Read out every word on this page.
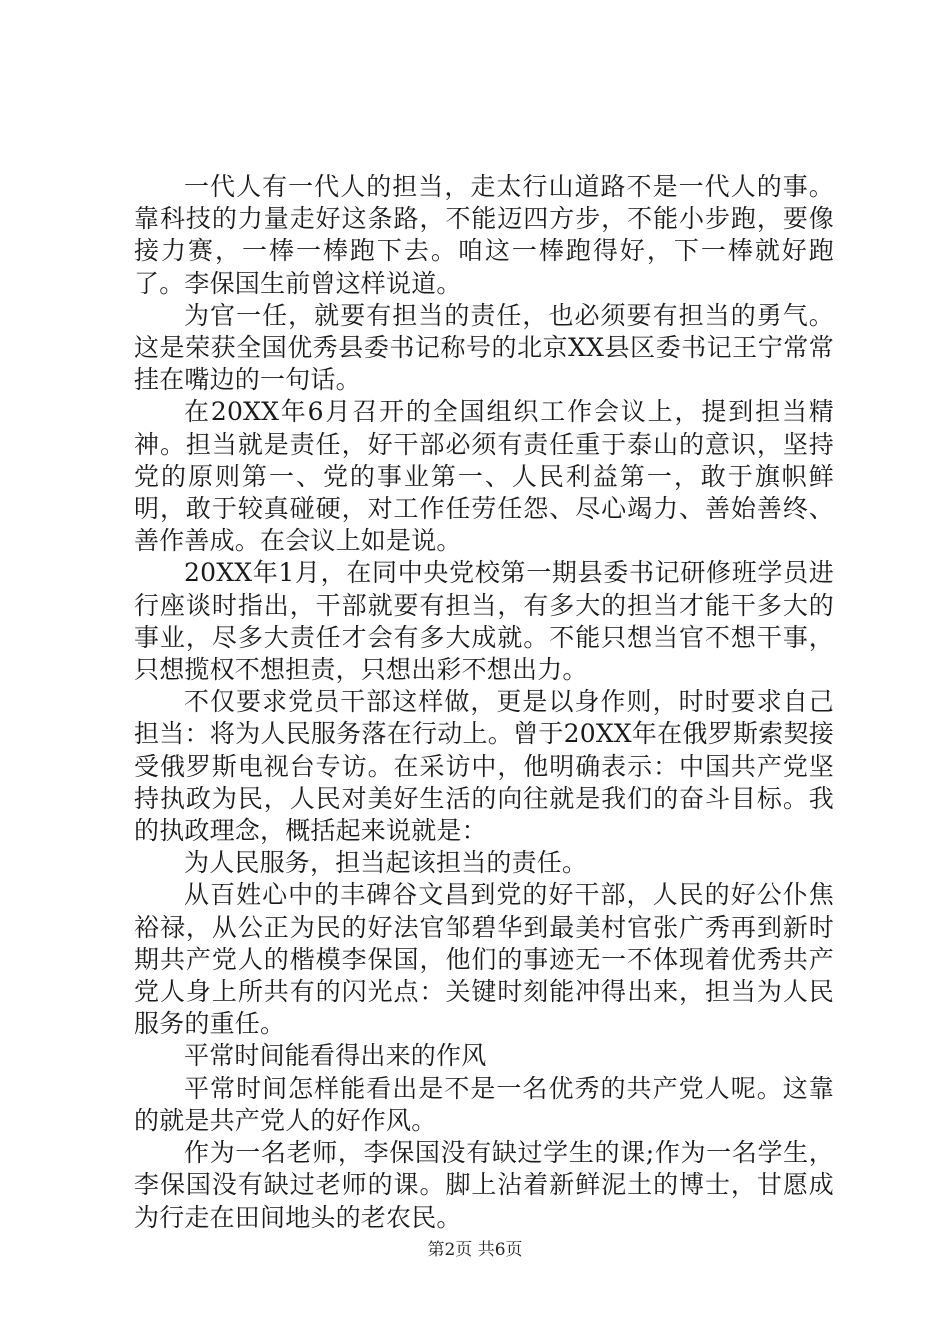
一代人有一代人的担当，走太行山道路不是一代人的事。靠科技的力量走好这条路，不能迈四方步，不能小步跑，要像接力赛，一棒一棒跑下去。咱这一棒跑得好，下一棒就好跑了。李保国生前曾这样说道。

为官一任，就要有担当的责任，也必须要有担当的勇气。这是荣获全国优秀县委书记称号的北京XX县区委书记王宁常常挂在嘴边的一句话。

在20XX年6月召开的全国组织工作会议上，提到担当精神。担当就是责任，好干部必须有责任重于泰山的意识，坚持党的原则第一、党的事业第一、人民利益第一，敢于旗帜鲜明，敢于较真碰硬，对工作任劳任怨、尽心竭力、善始善终、善作善成。在会议上如是说。

20XX年1月，在同中央党校第一期县委书记研修班学员进行座谈时指出，干部就要有担当，有多大的担当才能干多大的事业，尽多大责任才会有多大成就。不能只想当官不想干事，只想揽权不想担责，只想出彩不想出力。

不仅要求党员干部这样做，更是以身作则，时时要求自己担当：将为人民服务落在行动上。曾于20XX年在俄罗斯索契接受俄罗斯电视台专访。在采访中，他明确表示：中国共产党坚持执政为民，人民对美好生活的向往就是我们的奋斗目标。我的执政理念，概括起来说就是：

为人民服务，担当起该担当的责任。

从百姓心中的丰碑谷文昌到党的好干部，人民的好公仆焦裕禄，从公正为民的好法官邹碧华到最美村官张广秀再到新时期共产党人的楷模李保国，他们的事迹无一不体现着优秀共产党人身上所共有的闪光点：关键时刻能冲得出来，担当为人民服务的重任。

平常时间能看得出来的作风

平常时间怎样能看出是不是一名优秀的共产党人呢。这靠的就是共产党人的好作风。

作为一名老师，李保国没有缺过学生的课;作为一名学生，李保国没有缺过老师的课。脚上沾着新鲜泥土的博士，甘愿成为行走在田间地头的老农民。

第2页 共6页
